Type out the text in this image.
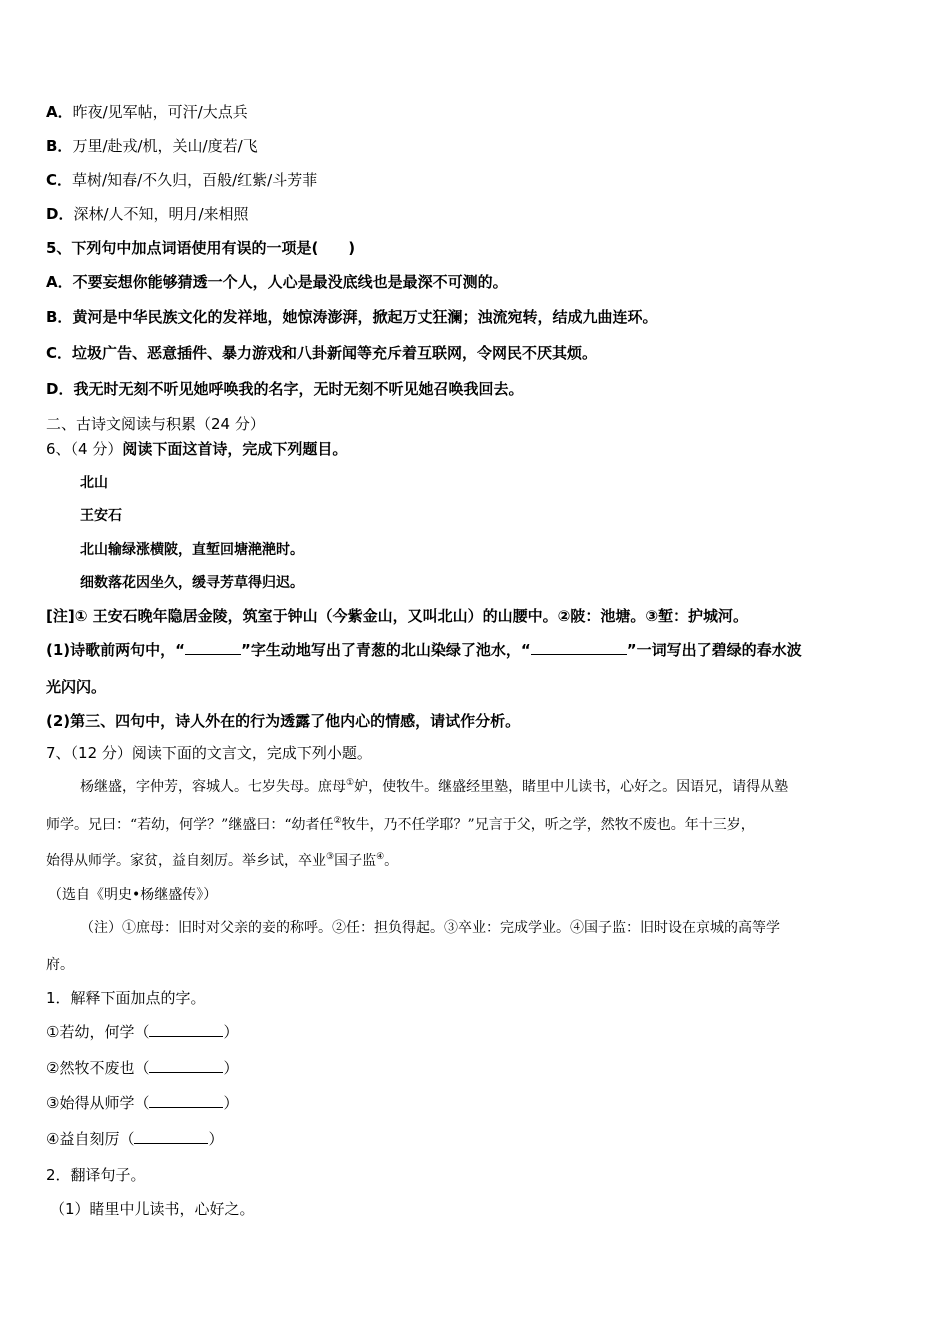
A．昨夜/见军帖，可汗/大点兵
B．万里/赴戎/机，关山/度若/飞
C．草树/知春/不久归，百般/红紫/斗芳菲
D．深林/人不知，明月/来相照
5、下列句中加点词语使用有误的一项是(　　)
A．不要妄想你能够猜透一个人，人心是最没底线也是最深不可测的。
B．黄河是中华民族文化的发祥地，她惊涛澎湃，掀起万丈狂澜；浊流宛转，结成九曲连环。
C．垃圾广告、恶意插件、暴力游戏和八卦新闻等充斥着互联网，令网民不厌其烦。
D．我无时无刻不听见她呼唤我的名字，无时无刻不听见她召唤我回去。
二、古诗文阅读与积累（24 分）
6、（4 分）阅读下面这首诗，完成下列题目。
北山
王安石
北山输绿涨横陂，直堑回塘滟滟时。
细数落花因坐久，缓寻芳草得归迟。
[注]① 王安石晚年隐居金陵，筑室于钟山（今紫金山，又叫北山）的山腰中。②陂：池塘。③堑：护城河。
(1)诗歌前两句中，“	”字生动地写出了青葱的北山染绿了池水，“	”一词写出了碧绿的春水波
光闪闪。
(2)第三、四句中，诗人外在的行为透露了他内心的情感，请试作分析。
7、（12 分）阅读下面的文言文，完成下列小题。
杨继盛，字仲芳，容城人。七岁失母。庶母①妒，使牧牛。继盛经里塾，睹里中儿读书，心好之。因语兄，请得从塾
师学。兄曰：“若幼，何学？”继盛曰：“幼者任②牧牛，乃不任学耶？”兄言于父，听之学，然牧不废也。年十三岁，
始得从师学。家贫，益自刻厉。举乡试，卒业③国子监④。
（选自《明史•杨继盛传》）
（注）①庶母：旧时对父亲的妾的称呼。②任：担负得起。③卒业：完成学业。④国子监：旧时设在京城的高等学
府。
1．解释下面加点的字。
①若幼，何学（	）
②然牧不废也（	）
③始得从师学（	）
④益自刻厉（	）
2．翻译句子。
（1）睹里中儿读书，心好之。
